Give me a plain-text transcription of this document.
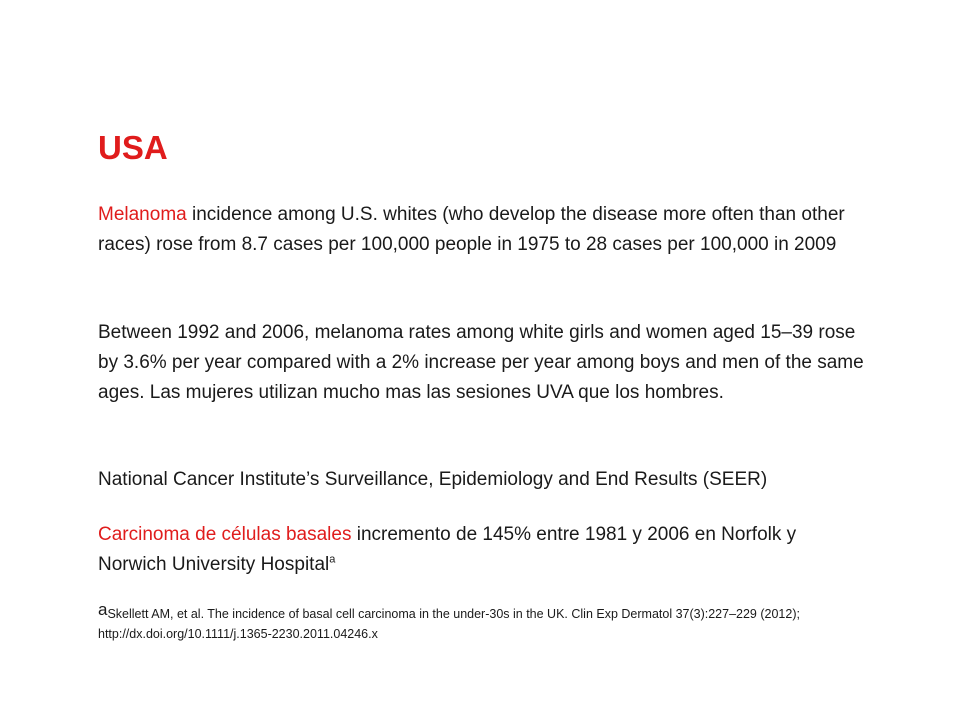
USA

Melanoma incidence among U.S. whites (who develop the disease more often than other races) rose from 8.7 cases per 100,000 people in 1975 to 28 cases per 100,000 in 2009

Between 1992 and 2006, melanoma rates among white girls and women aged 15–39 rose by 3.6% per year compared with a 2% increase per year among boys and men of the same ages. Las mujeres utilizan mucho mas las sesiones UVA que los hombres.

National Cancer Institute’s Surveillance, Epidemiology and End Results (SEER)

Carcinoma de células basales incremento de 145% entre 1981 y 2006 en Norfolk y Norwich University Hospital$^a$

aSkellett AM, et al. The incidence of basal cell carcinoma in the under-30s in the UK. Clin Exp Dermatol 37(3):227–229 (2012); http://dx.doi.org/10.1111/j.1365-2230.2011.04246.x
